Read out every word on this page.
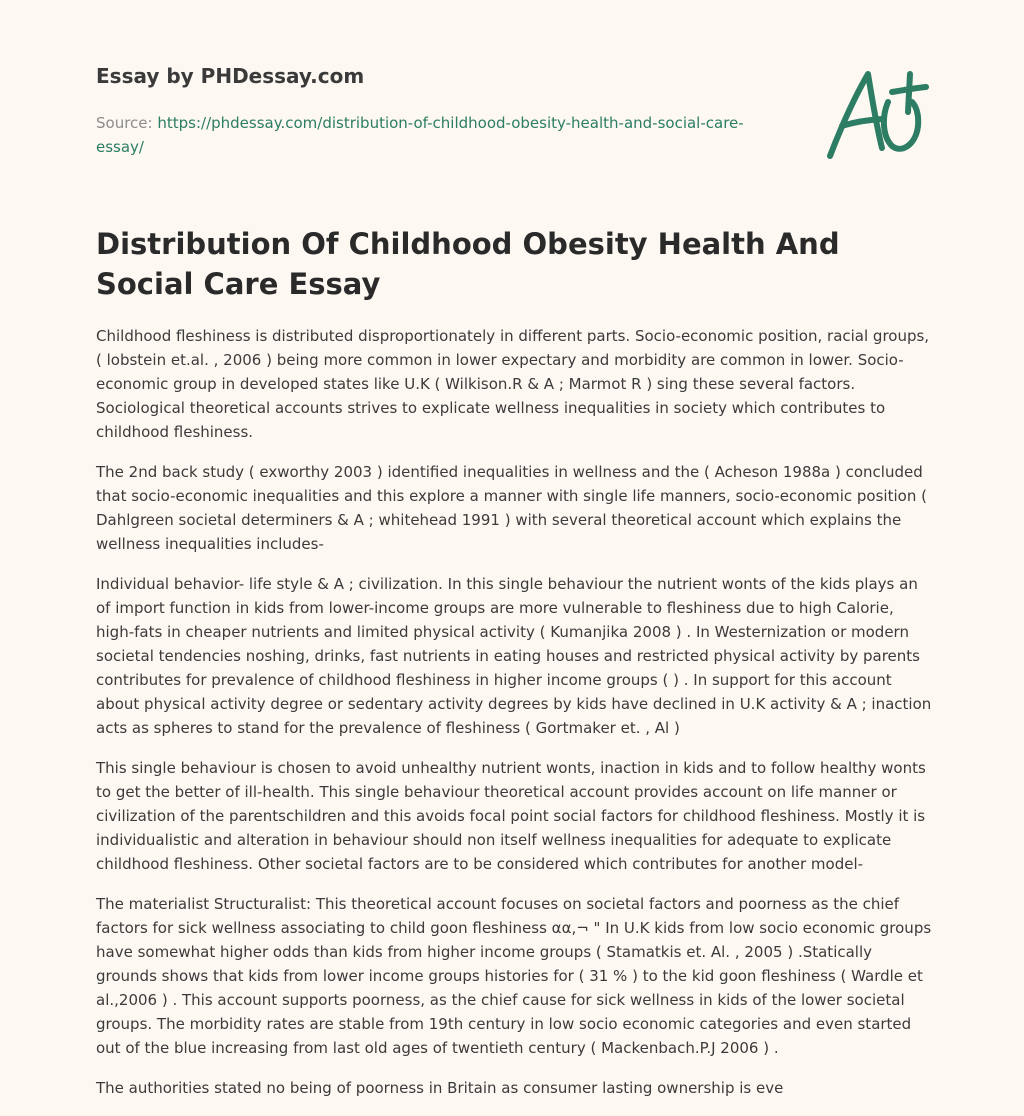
Essay by PHDessay.com
Source: https://phdessay.com/distribution-of-childhood-obesity-health-and-social-care-essay/
Distribution Of Childhood Obesity Health And Social Care Essay

Childhood fleshiness is distributed disproportionately in different parts. Socio-economic position, racial groups, ( lobstein et.al. , 2006 ) being more common in lower expectary and morbidity are common in lower. Socio-economic group in developed states like U.K ( Wilkison.R & A ; Marmot R ) sing these several factors. Sociological theoretical accounts strives to explicate wellness inequalities in society which contributes to childhood fleshiness.

The 2nd back study ( exworthy 2003 ) identified inequalities in wellness and the ( Acheson 1988a ) concluded that socio-economic inequalities and this explore a manner with single life manners, socio-economic position ( Dahlgreen societal determiners & A ; whitehead 1991 ) with several theoretical account which explains the wellness inequalities includes-

Individual behavior- life style & A ; civilization. In this single behaviour the nutrient wonts of the kids plays an of import function in kids from lower-income groups are more vulnerable to fleshiness due to high Calorie, high-fats in cheaper nutrients and limited physical activity ( Kumanjika 2008 ) . In Westernization or modern societal tendencies noshing, drinks, fast nutrients in eating houses and restricted physical activity by parents contributes for prevalence of childhood fleshiness in higher income groups ( ) . In support for this account about physical activity degree or sedentary activity degrees by kids have declined in U.K activity & A ; inaction acts as spheres to stand for the prevalence of fleshiness ( Gortmaker et. , Al )

This single behaviour is chosen to avoid unhealthy nutrient wonts, inaction in kids and to follow healthy wonts to get the better of ill-health. This single behaviour theoretical account provides account on life manner or civilization of the parentschildren and this avoids focal point social factors for childhood fleshiness. Mostly it is individualistic and alteration in behaviour should non itself wellness inequalities for adequate to explicate childhood fleshiness. Other societal factors are to be considered which contributes for another model-

The materialist Structuralist: This theoretical account focuses on societal factors and poorness as the chief factors for sick wellness associating to child goon fleshiness αα,¬ " In U.K kids from low socio economic groups have somewhat higher odds than kids from higher income groups ( Stamatkis et. Al. , 2005 ) .Statically grounds shows that kids from lower income groups histories for ( 31 % ) to the kid goon fleshiness ( Wardle et al.,2006 ) . This account supports poorness, as the chief cause for sick wellness in kids of the lower societal groups. The morbidity rates are stable from 19th century in low socio economic categories and even started out of the blue increasing from last old ages of twentieth century ( Mackenbach.P.J 2006 ) .

The authorities stated no being of poorness in Britain as consumer lasting ownership is eve
